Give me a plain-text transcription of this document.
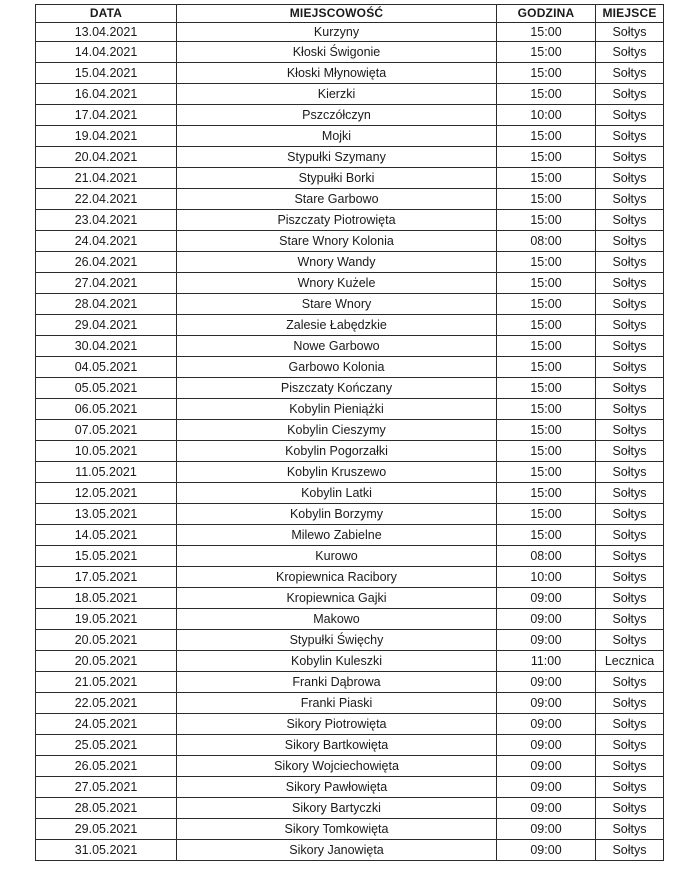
DATA	MIEJSCOWOŚĆ	GODZINA	MIEJSCE
13.04.2021	Kurzyny	15:00	Sołtys
14.04.2021	Kłoski Świgonie	15:00	Sołtys
15.04.2021	Kłoski Młynowięta	15:00	Sołtys
16.04.2021	Kierzki	15:00	Sołtys
17.04.2021	Pszczółczyn	10:00	Sołtys
19.04.2021	Mojki	15:00	Sołtys
20.04.2021	Stypułki Szymany	15:00	Sołtys
21.04.2021	Stypułki Borki	15:00	Sołtys
22.04.2021	Stare Garbowo	15:00	Sołtys
23.04.2021	Piszczaty Piotrowięta	15:00	Sołtys
24.04.2021	Stare Wnory Kolonia	08:00	Sołtys
26.04.2021	Wnory Wandy	15:00	Sołtys
27.04.2021	Wnory Kużele	15:00	Sołtys
28.04.2021	Stare Wnory	15:00	Sołtys
29.04.2021	Zalesie Łabędzkie	15:00	Sołtys
30.04.2021	Nowe Garbowo	15:00	Sołtys
04.05.2021	Garbowo Kolonia	15:00	Sołtys
05.05.2021	Piszczaty Kończany	15:00	Sołtys
06.05.2021	Kobylin Pieniążki	15:00	Sołtys
07.05.2021	Kobylin Cieszymy	15:00	Sołtys
10.05.2021	Kobylin Pogorzałki	15:00	Sołtys
11.05.2021	Kobylin Kruszewo	15:00	Sołtys
12.05.2021	Kobylin Latki	15:00	Sołtys
13.05.2021	Kobylin Borzymy	15:00	Sołtys
14.05.2021	Milewo Zabielne	15:00	Sołtys
15.05.2021	Kurowo	08:00	Sołtys
17.05.2021	Kropiewnica Racibory	10:00	Sołtys
18.05.2021	Kropiewnica Gajki	09:00	Sołtys
19.05.2021	Makowo	09:00	Sołtys
20.05.2021	Stypułki Święchy	09:00	Sołtys
20.05.2021	Kobylin Kuleszki	11:00	Lecznica
21.05.2021	Franki Dąbrowa	09:00	Sołtys
22.05.2021	Franki Piaski	09:00	Sołtys
24.05.2021	Sikory Piotrowięta	09:00	Sołtys
25.05.2021	Sikory Bartkowięta	09:00	Sołtys
26.05.2021	Sikory Wojciechowięta	09:00	Sołtys
27.05.2021	Sikory Pawłowięta	09:00	Sołtys
28.05.2021	Sikory Bartyczki	09:00	Sołtys
29.05.2021	Sikory Tomkowięta	09:00	Sołtys
31.05.2021	Sikory Janowięta	09:00	Sołtys
